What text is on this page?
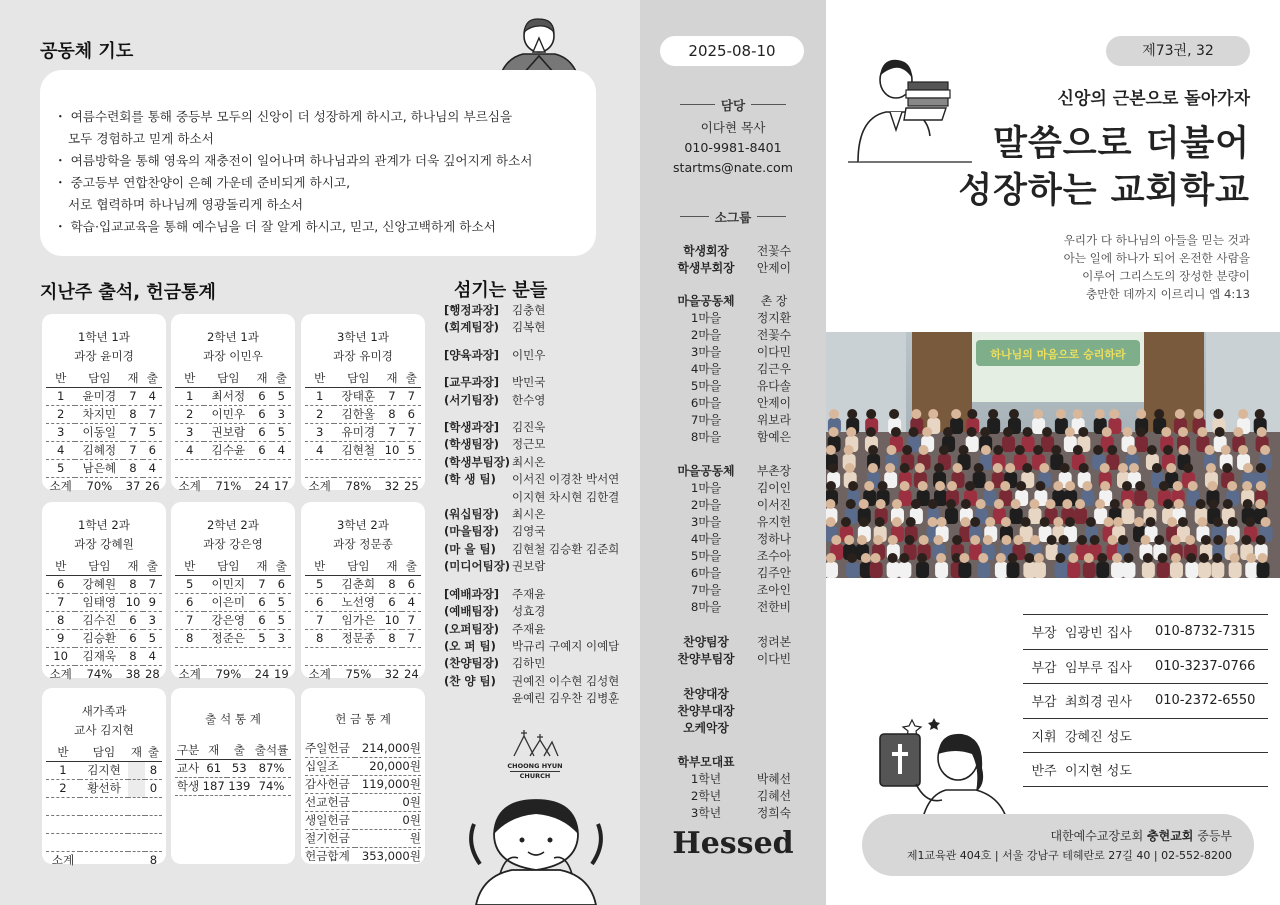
공동체 기도
・ 여름수련회를 통해 중등부 모두의 신앙이 더 성장하게 하시고, 하나님의 부르심을
모두 경험하고 믿게 하소서
・ 여름방학을 통해 영육의 재충전이 일어나며 하나님과의 관계가 더욱 깊어지게 하소서
・ 중고등부 연합찬양이 은혜 가운데 준비되게 하시고,
서로 협력하며 하나님께 영광돌리게 하소서
・ 학습·입교교육을 통해 예수님을 더 잘 알게 하시고, 믿고, 신앙고백하게 하소서
지난주 출석, 헌금통계
1학년 1과
과장 윤미경
반	담임	재	출
1	윤미경	7	4
2	차지민	8	7
3	이동일	7	5
4	김혜정	7	6
5	남은혜	8	4
소계	70%	37	26
2학년 1과
과장 이민우
반	담임	재	출
1	최서정	6	5
2	이민우	6	3
3	권보람	6	5
4	김수윤	6	4

소계	71%	24	17
3학년 1과
과장 유미경
반	담임	재	출
1	장태훈	7	7
2	김한울	8	6
3	유미경	7	7
4	김현철	10	5

소계	78%	32	25
1학년 2과
과장 강혜원
반	담임	재	출
6	강혜원	8	7
7	임태영	10	9
8	김수진	6	3
9	김승환	6	5
10	김재욱	8	4
소계	74%	38	28
2학년 2과
과장 강은영
반	담임	재	출
5	이민지	7	6
6	이은미	6	5
7	강은영	6	5
8	정준은	5	3

소계	79%	24	19
3학년 2과
과장 정문종
반	담임	재	출
5	김춘희	8	6
6	노선영	6	4
7	임가은	10	7
8	정문종	8	7

소계	75%	32	24
새가족과
교사 김지현
반	담임	재	출
1	김지현		8
2	황선하		0

소계			8
출 석 통 계
구분	재	출	출석률
교사	61	53	87%
학생	187	139	74%
헌 금 통 계
주일헌금	214,000원
십일조	20,000원
감사헌금	119,000원
선교헌금	0원
생일헌금	0원
절기헌금	원
헌금합계	353,000원
섬기는 분들
[행정과장]	김충현
(회계팀장)	김복현
[양육과장]	이민우
[교무과장]	박민국
(서기팀장)	한수영
[학생과장]	김진욱
(학생팀장)	정근모
(학생부팀장) 최시온
(학 생 팀)	이서진 이경찬 박서연
이지현 차시현 김한결
(워십팀장)	최시온
(마을팀장)	김영국
(마 을 팀)	김현철 김승환 김준희
(미디어팀장) 권보람
[예배과장]	주재윤
(예배팀장)	성효경
(오퍼팀장)	주재윤
(오 퍼 팀)	박규리 구예지 이예담
(찬양팀장)	김하민
(찬 양 팀)	권예진 이수현 김성현
윤예린 김우찬 김병훈
CHOONG HYUN
CHURCH
2025-08-10
담당
이다현 목사
010-9981-8401
startms@nate.com
소그룹
학생회장	전꽃수
학생부회장	안제이
마을공동체	촌 장
1마을	정지환
2마을	전꽃수
3마을	이다민
4마을	김근우
5마을	유다솔
6마을	안제이
7마을	위보라
8마을	함예은
마을공동체	부촌장
1마을	김이인
2마을	이서진
3마을	유지헌
4마을	정하나
5마을	조수아
6마을	김주안
7마을	조아인
8마을	전한비
찬양팀장	정려본
찬양부팀장	이다빈
찬양대장
찬양부대장
오케악장
학부모대표
1학년	박혜선
2학년	김혜선
3학년	정희숙
Hessed
제73권, 32
신앙의 근본으로 돌아가자
말씀으로 더불어
성장하는 교회학교
우리가 다 하나님의 아들을 믿는 것과
아는 일에 하나가 되어 온전한 사람을
이루어 그리스도의 장성한 분량이
충만한 데까지 이르리니 엡 4:13
하나님의 마음으로 승리하라
부장 임광빈 집사	010-8732-7315
부감 임부루 집사	010-3237-0766
부감 최희경 권사	010-2372-6550
지휘 강혜진 성도
반주 이지현 성도
대한예수교장로회 충현교회 중등부
제1교육관 404호 | 서울 강남구 테헤란로 27길 40 | 02-552-8200
